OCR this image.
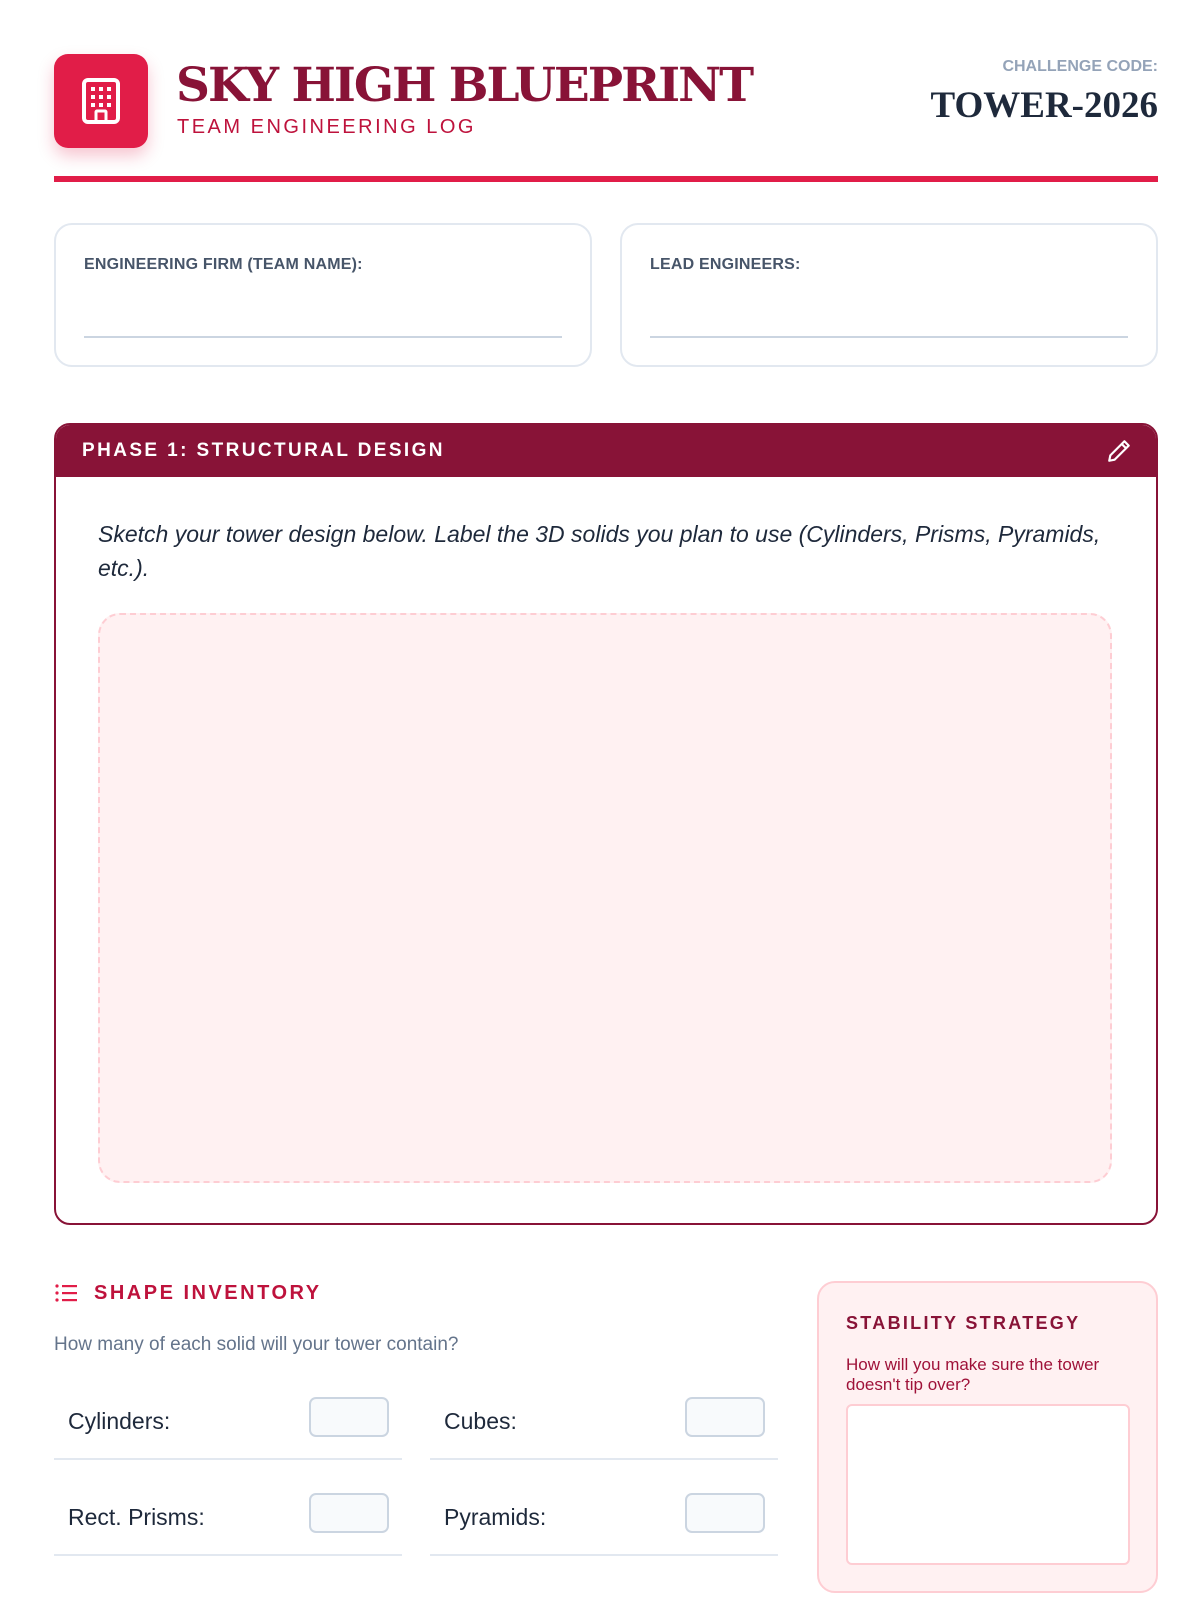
SKY HIGH BLUEPRINT
TEAM ENGINEERING LOG
CHALLENGE CODE:
TOWER-2026
ENGINEERING FIRM (TEAM NAME):	LEAD ENGINEERS:
PHASE 1: STRUCTURAL DESIGN
Sketch your tower design below. Label the 3D solids you plan to use (Cylinders, Prisms, Pyramids, etc.).
SHAPE INVENTORY
How many of each solid will your tower contain?
Cylinders:	Cubes:
Rect. Prisms:	Pyramids:
STABILITY STRATEGY
How will you make sure the tower doesn't tip over?
